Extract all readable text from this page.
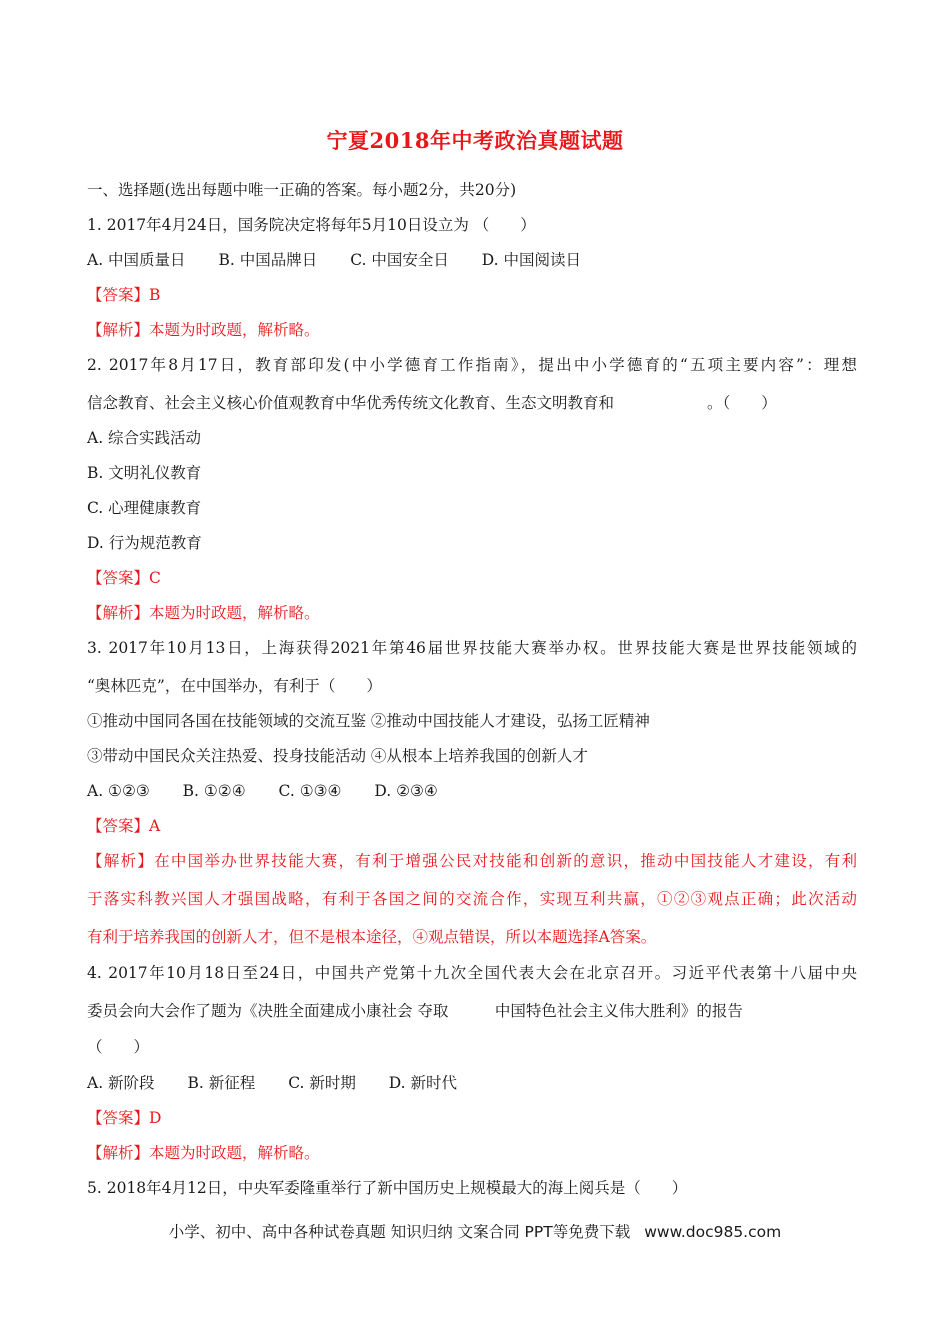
宁夏2018年中考政治真题试题
一、选择题(选出每题中唯一正确的答案。每小题2分，共20分)
1. 2017年4月24日，国务院决定将每年5月10日设立为 （　　）
A. 中国质量日 B. 中国品牌日 C. 中国安全日 D. 中国阅读日
【答案】B
【解析】本题为时政题，解析略。
2. 2017年8月17日，教育部印发(中小学德育工作指南》，提出中小学德育的“五项主要内容”：理想
信念教育、社会主义核心价值观教育中华优秀传统文化教育、生态文明教育和　　　　　　。（　　）
A. 综合实践活动
B. 文明礼仪教育
C. 心理健康教育
D. 行为规范教育
【答案】C
【解析】本题为时政题，解析略。
3. 2017年10月13日，上海获得2021年第46届世界技能大赛举办权。世界技能大赛是世界技能领域的
“奥林匹克”，在中国举办，有利于（　　）
①推动中国同各国在技能领域的交流互鉴 ②推动中国技能人才建设，弘扬工匠精神
③带动中国民众关注热爱、投身技能活动 ④从根本上培养我国的创新人才
A. ①②③ B. ①②④ C. ①③④ D. ②③④
【答案】A
【解析】在中国举办世界技能大赛，有利于增强公民对技能和创新的意识，推动中国技能人才建设，有利
于落实科教兴国人才强国战略，有利于各国之间的交流合作，实现互利共赢，①②③观点正确；此次活动
有利于培养我国的创新人才，但不是根本途径，④观点错误，所以本题选择A答案。
4. 2017年10月18日至24日，中国共产党第十九次全国代表大会在北京召开。习近平代表第十八届中央
委员会向大会作了题为《决胜全面建成小康社会 夺取　　　中国特色社会主义伟大胜利》的报告
（　　）
A. 新阶段 B. 新征程 C. 新时期 D. 新时代
【答案】D
【解析】本题为时政题，解析略。
5. 2018年4月12日，中央军委隆重举行了新中国历史上规模最大的海上阅兵是（　　）
小学、初中、高中各种试卷真题 知识归纳 文案合同 PPT等免费下载 www.doc985.com
